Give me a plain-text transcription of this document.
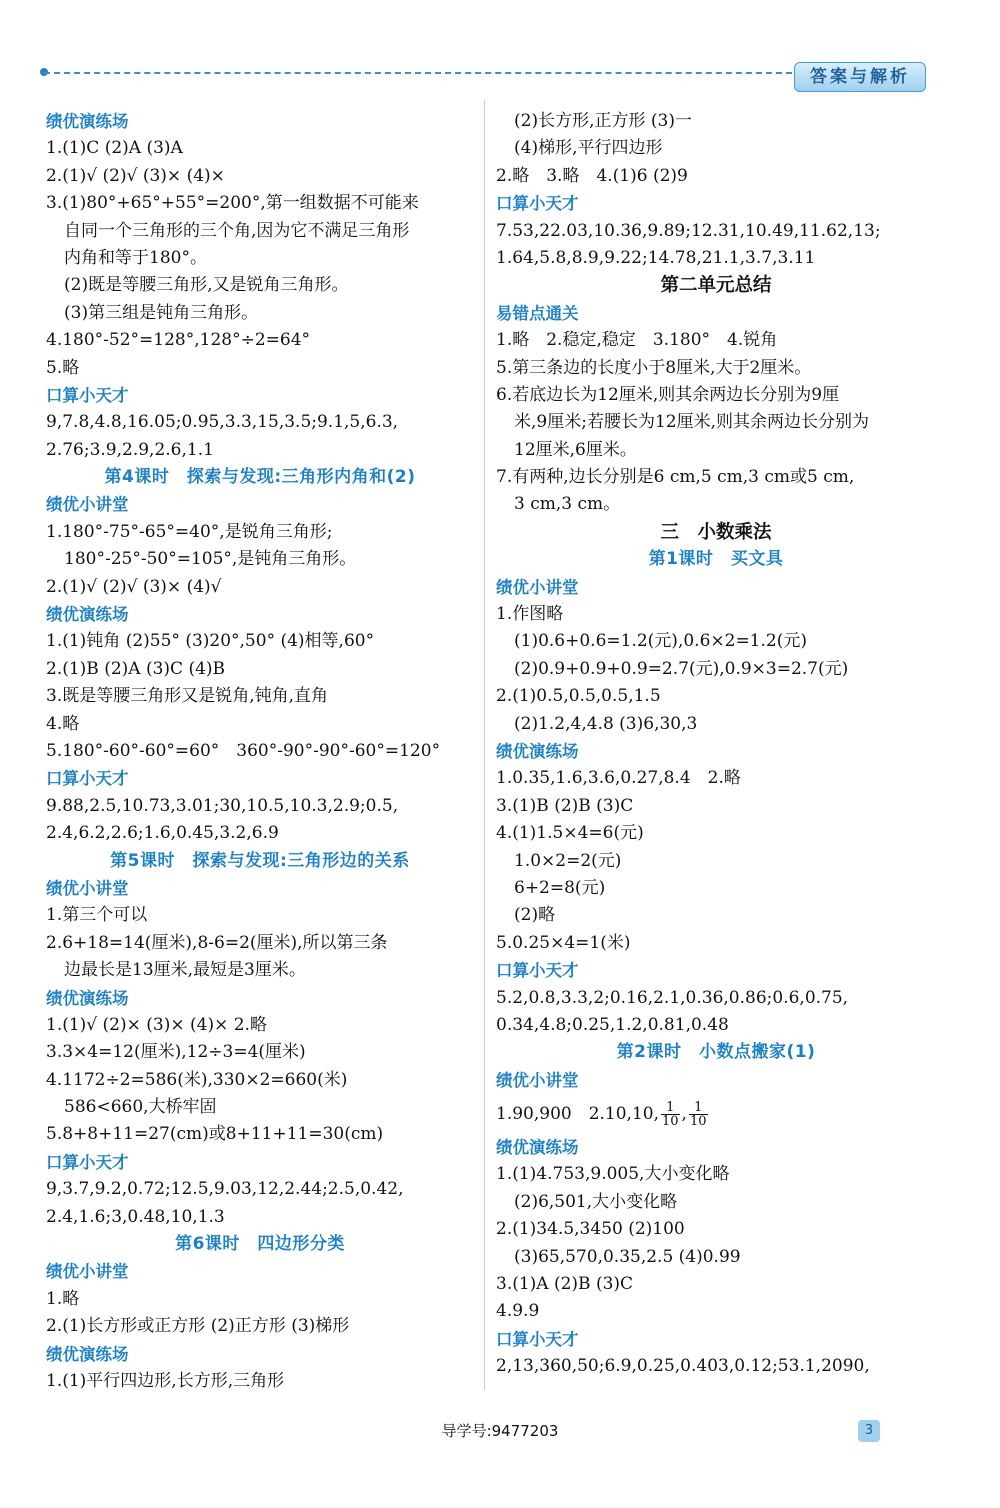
答案与解析
绩优演练场
1.(1)C (2)A (3)A
2.(1)√ (2)√ (3)× (4)×
3.(1)80°+65°+55°=200°,第一组数据不可能来
自同一个三角形的三个角,因为它不满足三角形
内角和等于180°。
(2)既是等腰三角形,又是锐角三角形。
(3)第三组是钝角三角形。
4.180°-52°=128°,128°÷2=64°
5.略
口算小天才
9,7.8,4.8,16.05;0.95,3.3,15,3.5;9.1,5,6.3,
2.76;3.9,2.9,2.6,1.1
第4课时　探索与发现:三角形内角和(2)
绩优小讲堂
1.180°-75°-65°=40°,是锐角三角形;
180°-25°-50°=105°,是钝角三角形。
2.(1)√ (2)√ (3)× (4)√
绩优演练场
1.(1)钝角 (2)55° (3)20°,50° (4)相等,60°
2.(1)B (2)A (3)C (4)B
3.既是等腰三角形又是锐角,钝角,直角
4.略
5.180°-60°-60°=60°　360°-90°-90°-60°=120°
口算小天才
9.88,2.5,10.73,3.01;30,10.5,10.3,2.9;0.5,
2.4,6.2,2.6;1.6,0.45,3.2,6.9
第5课时　探索与发现:三角形边的关系
绩优小讲堂
1.第三个可以
2.6+18=14(厘米),8-6=2(厘米),所以第三条
边最长是13厘米,最短是3厘米。
绩优演练场
1.(1)√ (2)× (3)× (4)× 2.略
3.3×4=12(厘米),12÷3=4(厘米)
4.1172÷2=586(米),330×2=660(米)
586<660,大桥牢固
5.8+8+11=27(cm)或8+11+11=30(cm)
口算小天才
9,3.7,9.2,0.72;12.5,9.03,12,2.44;2.5,0.42,
2.4,1.6;3,0.48,10,1.3
第6课时　四边形分类
绩优小讲堂
1.略
2.(1)长方形或正方形 (2)正方形 (3)梯形
绩优演练场
1.(1)平行四边形,长方形,三角形
(2)长方形,正方形 (3)一
(4)梯形,平行四边形
2.略　3.略　4.(1)6 (2)9
口算小天才
7.53,22.03,10.36,9.89;12.31,10.49,11.62,13;
1.64,5.8,8.9,9.22;14.78,21.1,3.7,3.11
第二单元总结
易错点通关
1.略　2.稳定,稳定　3.180°　4.锐角
5.第三条边的长度小于8厘米,大于2厘米。
6.若底边长为12厘米,则其余两边长分别为9厘
米,9厘米;若腰长为12厘米,则其余两边长分别为
12厘米,6厘米。
7.有两种,边长分别是6 cm,5 cm,3 cm或5 cm,
3 cm,3 cm。
三　小数乘法
第1课时　买文具
绩优小讲堂
1.作图略
(1)0.6+0.6=1.2(元),0.6×2=1.2(元)
(2)0.9+0.9+0.9=2.7(元),0.9×3=2.7(元)
2.(1)0.5,0.5,0.5,1.5
(2)1.2,4,4.8 (3)6,30,3
绩优演练场
1.0.35,1.6,3.6,0.27,8.4　2.略
3.(1)B (2)B (3)C
4.(1)1.5×4=6(元)
1.0×2=2(元)
6+2=8(元)
(2)略
5.0.25×4=1(米)
口算小天才
5.2,0.8,3.3,2;0.16,2.1,0.36,0.86;0.6,0.75,
0.34,4.8;0.25,1.2,0.81,0.48
第2课时　小数点搬家(1)
绩优小讲堂
1.90,900　2.10,10, $\frac{1}{10}$ , $\frac{1}{10}$
绩优演练场
1.(1)4.753,9.005,大小变化略
(2)6,501,大小变化略
2.(1)34.5,3450 (2)100
(3)65,570,0.35,2.5 (4)0.99
3.(1)A (2)B (3)C
4.9.9
口算小天才
2,13,360,50;6.9,0.25,0.403,0.12;53.1,2090,
导学号:9477203	3
